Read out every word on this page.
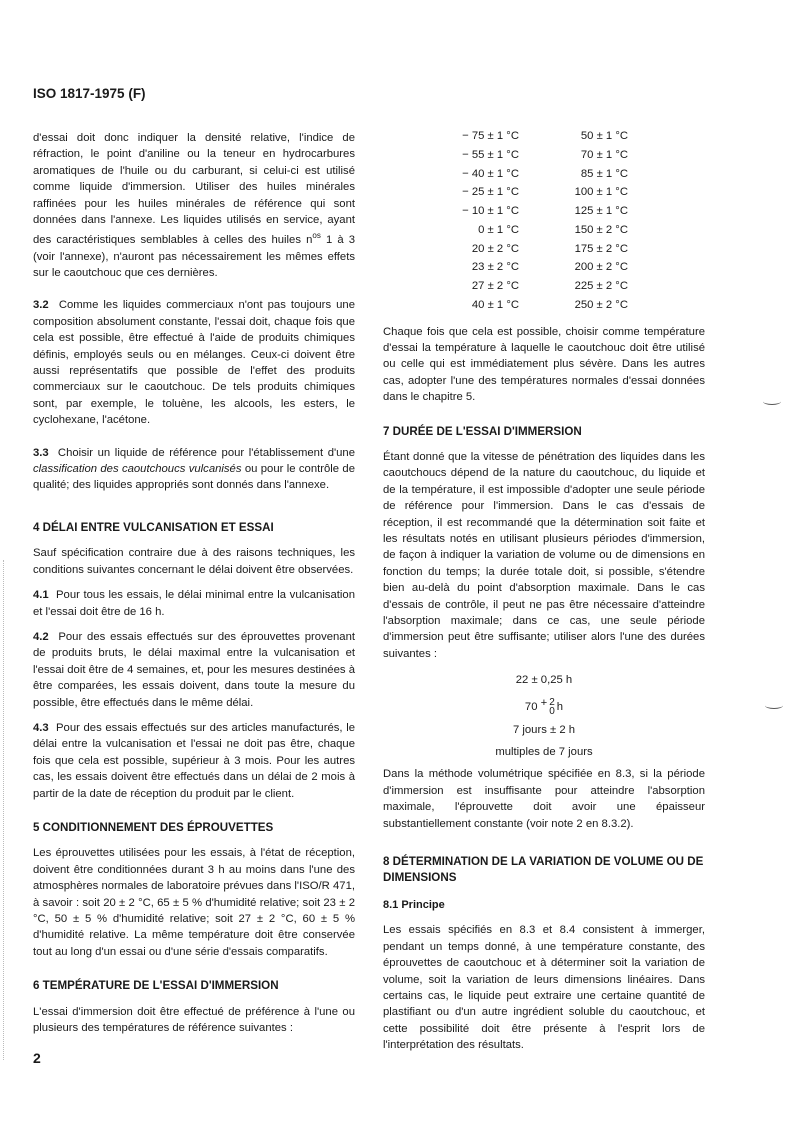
ISO 1817-1975 (F)
d'essai doit donc indiquer la densité relative, l'indice de réfraction, le point d'aniline ou la teneur en hydrocarbures aromatiques de l'huile ou du carburant, si celui-ci est utilisé comme liquide d'immersion. Utiliser des huiles minérales raffinées pour les huiles minérales de référence qui sont données dans l'annexe. Les liquides utilisés en service, ayant des caractéristiques semblables à celles des huiles $n^{os}$ 1 à 3 (voir l'annexe), n'auront pas nécessairement les mêmes effets sur le caoutchouc que ces dernières.
3.2 Comme les liquides commerciaux n'ont pas toujours une composition absolument constante, l'essai doit, chaque fois que cela est possible, être effectué à l'aide de produits chimiques définis, employés seuls ou en mélanges. Ceux-ci doivent être aussi représentatifs que possible de l'effet des produits commerciaux sur le caoutchouc. De tels produits chimiques sont, par exemple, le toluène, les alcools, les esters, le cyclohexane, l'acétone.
3.3 Choisir un liquide de référence pour l'établissement d'une classification des caoutchoucs vulcanisés ou pour le contrôle de qualité; des liquides appropriés sont donnés dans l'annexe.
4 DÉLAI ENTRE VULCANISATION ET ESSAI
Sauf spécification contraire due à des raisons techniques, les conditions suivantes concernant le délai doivent être observées.
4.1 Pour tous les essais, le délai minimal entre la vulcanisation et l'essai doit être de 16 h.
4.2 Pour des essais effectués sur des éprouvettes provenant de produits bruts, le délai maximal entre la vulcanisation et l'essai doit être de 4 semaines, et, pour les mesures destinées à être comparées, les essais doivent, dans toute la mesure du possible, être effectués dans le même délai.
4.3 Pour des essais effectués sur des articles manufacturés, le délai entre la vulcanisation et l'essai ne doit pas être, chaque fois que cela est possible, supérieur à 3 mois. Pour les autres cas, les essais doivent être effectués dans un délai de 2 mois à partir de la date de réception du produit par le client.
5 CONDITIONNEMENT DES ÉPROUVETTES
Les éprouvettes utilisées pour les essais, à l'état de réception, doivent être conditionnées durant 3 h au moins dans l'une des atmosphères normales de laboratoire prévues dans l'ISO/R 471, à savoir : soit 20 ± 2 °C, 65 ± 5 % d'humidité relative; soit 23 ± 2 °C, 50 ± 5 % d'humidité relative; soit 27 ± 2 °C, 60 ± 5 % d'humidité relative. La même température doit être conservée tout au long d'un essai ou d'une série d'essais comparatifs.
6 TEMPÉRATURE DE L'ESSAI D'IMMERSION
L'essai d'immersion doit être effectué de préférence à l'une ou plusieurs des températures de référence suivantes :
2
− 75 ± 1 °C	50 ± 1 °C
− 55 ± 1 °C	70 ± 1 °C
− 40 ± 1 °C	85 ± 1 °C
− 25 ± 1 °C	100 ± 1 °C
− 10 ± 1 °C	125 ± 1 °C
0 ± 1 °C	150 ± 2 °C
20 ± 2 °C	175 ± 2 °C
23 ± 2 °C	200 ± 2 °C
27 ± 2 °C	225 ± 2 °C
40 ± 1 °C	250 ± 2 °C
Chaque fois que cela est possible, choisir comme température d'essai la température à laquelle le caoutchouc doit être utilisé ou celle qui est immédiatement plus sévère. Dans les autres cas, adopter l'une des températures normales d'essai données dans le chapitre 5.
7 DURÉE DE L'ESSAI D'IMMERSION
Étant donné que la vitesse de pénétration des liquides dans les caoutchoucs dépend de la nature du caoutchouc, du liquide et de la température, il est impossible d'adopter une seule période de référence pour l'immersion. Dans le cas d'essais de réception, il est recommandé que la détermination soit faite et les résultats notés en utilisant plusieurs périodes d'immersion, de façon à indiquer la variation de volume ou de dimensions en fonction du temps; la durée totale doit, si possible, s'étendre bien au-delà du point d'absorption maximale. Dans le cas d'essais de contrôle, il peut ne pas être nécessaire d'atteindre l'absorption maximale; dans ce cas, une seule période d'immersion peut être suffisante; utiliser alors l'une des durées suivantes :
22 ± 0,25 h
70 + 2
0 h
7 jours ± 2 h
multiples de 7 jours
Dans la méthode volumétrique spécifiée en 8.3, si la période d'immersion est insuffisante pour atteindre l'absorption maximale, l'éprouvette doit avoir une épaisseur substantiellement constante (voir note 2 en 8.3.2).
8 DÉTERMINATION DE LA VARIATION DE VOLUME OU DE DIMENSIONS
8.1 Principe
Les essais spécifiés en 8.3 et 8.4 consistent à immerger, pendant un temps donné, à une température constante, des éprouvettes de caoutchouc et à déterminer soit la variation de volume, soit la variation de leurs dimensions linéaires. Dans certains cas, le liquide peut extraire une certaine quantité de plastifiant ou d'un autre ingrédient soluble du caoutchouc, et cette possibilité doit être présente à l'esprit lors de l'interprétation des résultats.
